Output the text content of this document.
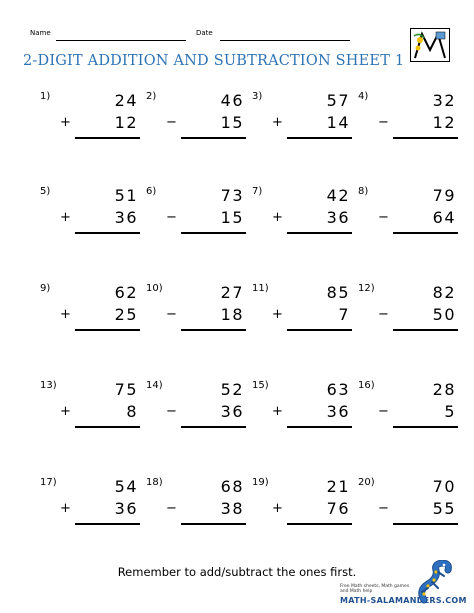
Name	Date
2-DIGIT ADDITION AND SUBTRACTION SHEET 1
1)	24
+	12
2)	46
−	15
3)	57
+	14
4)	32
−	12
5)	51
+	36
6)	73
−	15
7)	42
+	36
8)	79
−	64
9)	62
+	25
10)	27
−	18
11)	85
+	7
12)	82
−	50
13)	75
+	8
14)	52
−	36
15)	63
+	36
16)	28
−	5
17)	54
+	36
18)	68
−	38
19)	21
+	76
20)	70
−	55
Remember to add/subtract the ones first.
Free Math sheets, Math games and Math help
MATH-SALAMANDERS.COM
